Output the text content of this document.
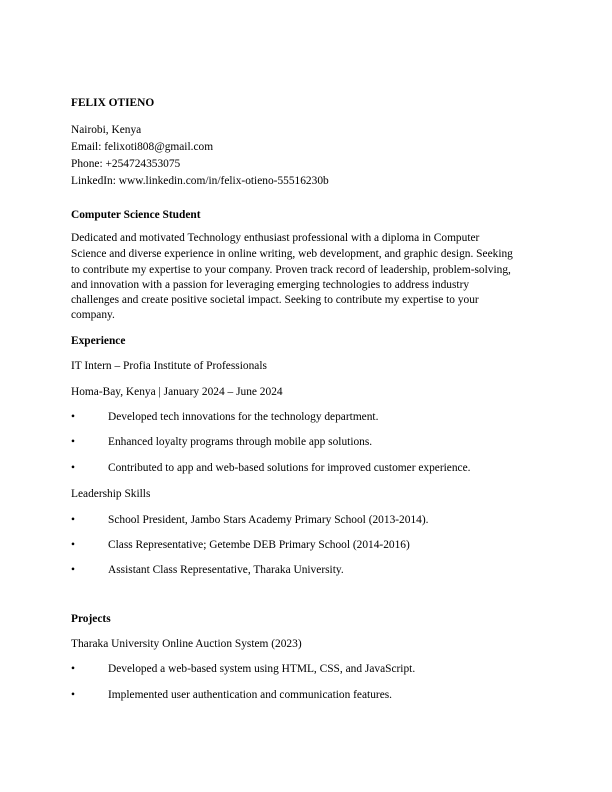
FELIX OTIENO
Nairobi, Kenya
Email: felixoti808@gmail.com
Phone: +254724353075
LinkedIn: www.linkedin.com/in/felix-otieno-55516230b
Computer Science Student
Dedicated and motivated Technology enthusiast professional with a diploma in Computer
Science and diverse experience in online writing, web development, and graphic design. Seeking
to contribute my expertise to your company. Proven track record of leadership, problem-solving,
and innovation with a passion for leveraging emerging technologies to address industry
challenges and create positive societal impact. Seeking to contribute my expertise to your
company.
Experience
IT Intern – Profia Institute of Professionals
Homa-Bay, Kenya | January 2024 – June 2024
•	Developed tech innovations for the technology department.
•	Enhanced loyalty programs through mobile app solutions.
•	Contributed to app and web-based solutions for improved customer experience.
Leadership Skills
•	School President, Jambo Stars Academy Primary School (2013-2014).
•	Class Representative; Getembe DEB Primary School (2014-2016)
•	Assistant Class Representative, Tharaka University.
Projects
Tharaka University Online Auction System (2023)
•	Developed a web-based system using HTML, CSS, and JavaScript.
•	Implemented user authentication and communication features.
